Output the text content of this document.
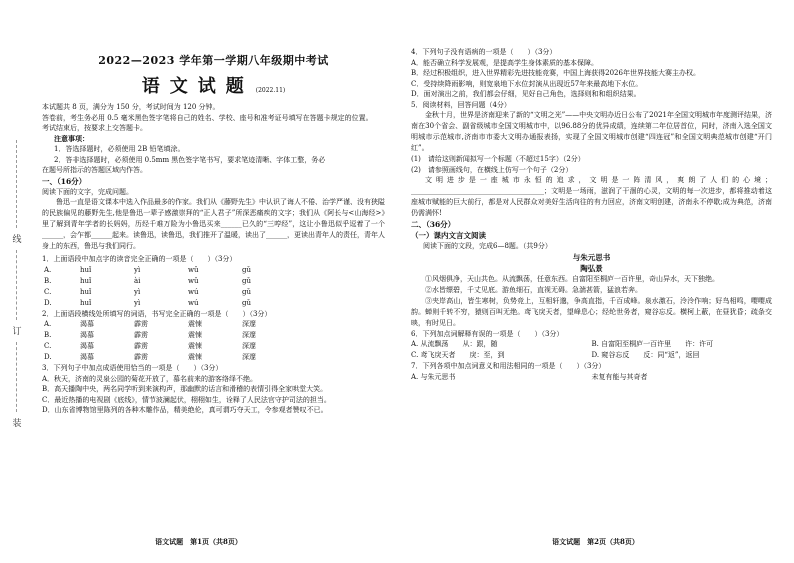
线
订
装
2022—2023 学年第一学期八年级期中考试
语文试题 (2022.11)
本试题共 8 页，满分为 150 分，考试时间为 120 分钟。
答卷前，考生务必用 0.5 毫米黑色签字笔将自己的姓名、学校、座号和准考证号填写在答题卡规定的位置。
考试结束后，按要求上交答题卡。
注意事项：
1．答选择题时，必须使用 2B 铅笔填涂。
2．答非选择题时，必须使用 0.5mm 黑色签字笔书写，要求笔迹清晰、字体工整，务必
在题号所指示的答题区域内作答。
一、（16分）
阅读下面的文字，完成问题。
鲁迅一直是语文课本中选入作品最多的作家。我们从《藤野先生》中认识了诲人不倦、治学严谨、没有狭隘的民族偏见的藤野先生,他是鲁迅一辈子感激崇拜的“正人君子”所深恶痛疾的文字；我们从《阿长与<山海经>》里了解到青年学者的长妈妈，历经千难万险为小鲁迅买来______已久的“三哼经”，这让小鲁迅似乎逗着了一个______，会乍都______起来。读鲁迅，读鲁迅，我们推开了温暖，读出了______，更读出青年人的责任，青年人身上的东西，鲁迅与我们同行。
1．上面语段中加点字的读音完全正确的一项是（　　）（3分）
A.	huǐ	yì	wǔ	gǔ
B.	huǐ	ài	wǔ	gǔ
C.	huǐ	yì	wú	gǔ
D.	huǐ	yì	wú	gǔ
2．上面语段横线处所填写的词语，书写完全正确的一项是（　　）（3分）
A.	渴慕	霹雳	震悚	深邃
B.	渴慕	霹雳	震悚	深邃
C.	渴慕	霹雳	震悚	深邃
D.	渴慕	霹雳	震悚	深邃
3．下列句子中加点成语使用恰当的一项是（　　）（3分）
A．秋天，济南的灵泉公园的菊花开放了，慕名前来的游客络绎不绝。
B．高天播陶中央，两名同学听到来演构声，那幽默的话言和滑稽的表情引得全家哄堂大笑。
C．最近热播的电视剧《底线》，情节波澜起伏，栩栩如生，诠释了人民法官守护司法的担当。
D．山东省博物馆里陈列的各种木雕作品，精美绝伦，真可谓巧夺天工，令参观者赞叹不已。
语文试题　第1页（共8页）
4．下列句子没有语病的一项是（　　）（3分）
A．能否确立科学发展观，是提高学生身体素质的基本保障。
B．经过积极组织，进入世界精彩先进技能竞赛，中国上海获得2026年世界技能大赛主办权。
C．受持续降雨影响，则宽泉地下水位封演从出现近57年来最高地下水位。
D．面对演出之前，我们都会仔细，见好自己角色，选择则和和组织结果。
5．阅读材料，回答问题（4分）
金秋十月，世界是济南迎来了新的“文明之光”——中央文明办近日公布了2021年全国文明城市年度测评结果，济南在30个省会、副省级城市全国文明城市中，以96.88分的优异成绩，连续第二年位居首位，同时，济南入选全国文明城市示范城市,济南市市委大文明办通报表扬，实现了全国文明城市创建“四连冠”和全国文明典范城市创建“开门红”。
(1)　请给这则新闻拟写一个标题（不超过15字）（2分）
(2)　请参照画线句，在横线上仿写一个句子（2分）
文明进步是一座城市永恒的追求，文明是一阵清风，爽朗了人们的心境；______________________________________；文明是一场雨，滋润了干涸的心灵，文明的每一次进步，都将推动着这座城市赋能的巨大前行，都是对人民群众对美好生活向往的有力回应，济南文明创建，济南永不停歇;成为典范，济南仍需满怀!
二、（36分）
（一）课内文言文阅读
阅读下面的文段，完成6—8题。（共9分）
与朱元思书
陶弘景
①风烟俱净，天山共色。从流飘荡，任意东西。自富阳至桐庐一百许里，奇山异水，天下独绝。
②水皆缥碧，千丈见底。游鱼细石，直视无碍。急湍甚箭，猛浪若奔。
③夹岸高山，皆生寒树，负势竞上，互相轩邈，争高直指，千百成峰。泉水激石，泠泠作响；好鸟相鸣，嘤嘤成韵。蝉则千转不穷，猿则百叫无绝。鸢飞戾天者，望峰息心；经纶世务者，窥谷忘反。横柯上蔽，在昼犹昏；疏条交映，有时见日。
6．下列加点词解释有误的一项是（　　）（3分）
A. 从流飘荡　　从：跟，随	B. 自富阳至桐庐一百许里　　许：许可
C. 鸢飞戾天者　　戾：至，到	D. 窥谷忘反　　反：同“返”，返回
7．下列各项中加点词意义和用法相同的一项是（　　）（3分）
A. 与朱元思书	未复有能与其奇者
语文试题　第2页（共8页）
